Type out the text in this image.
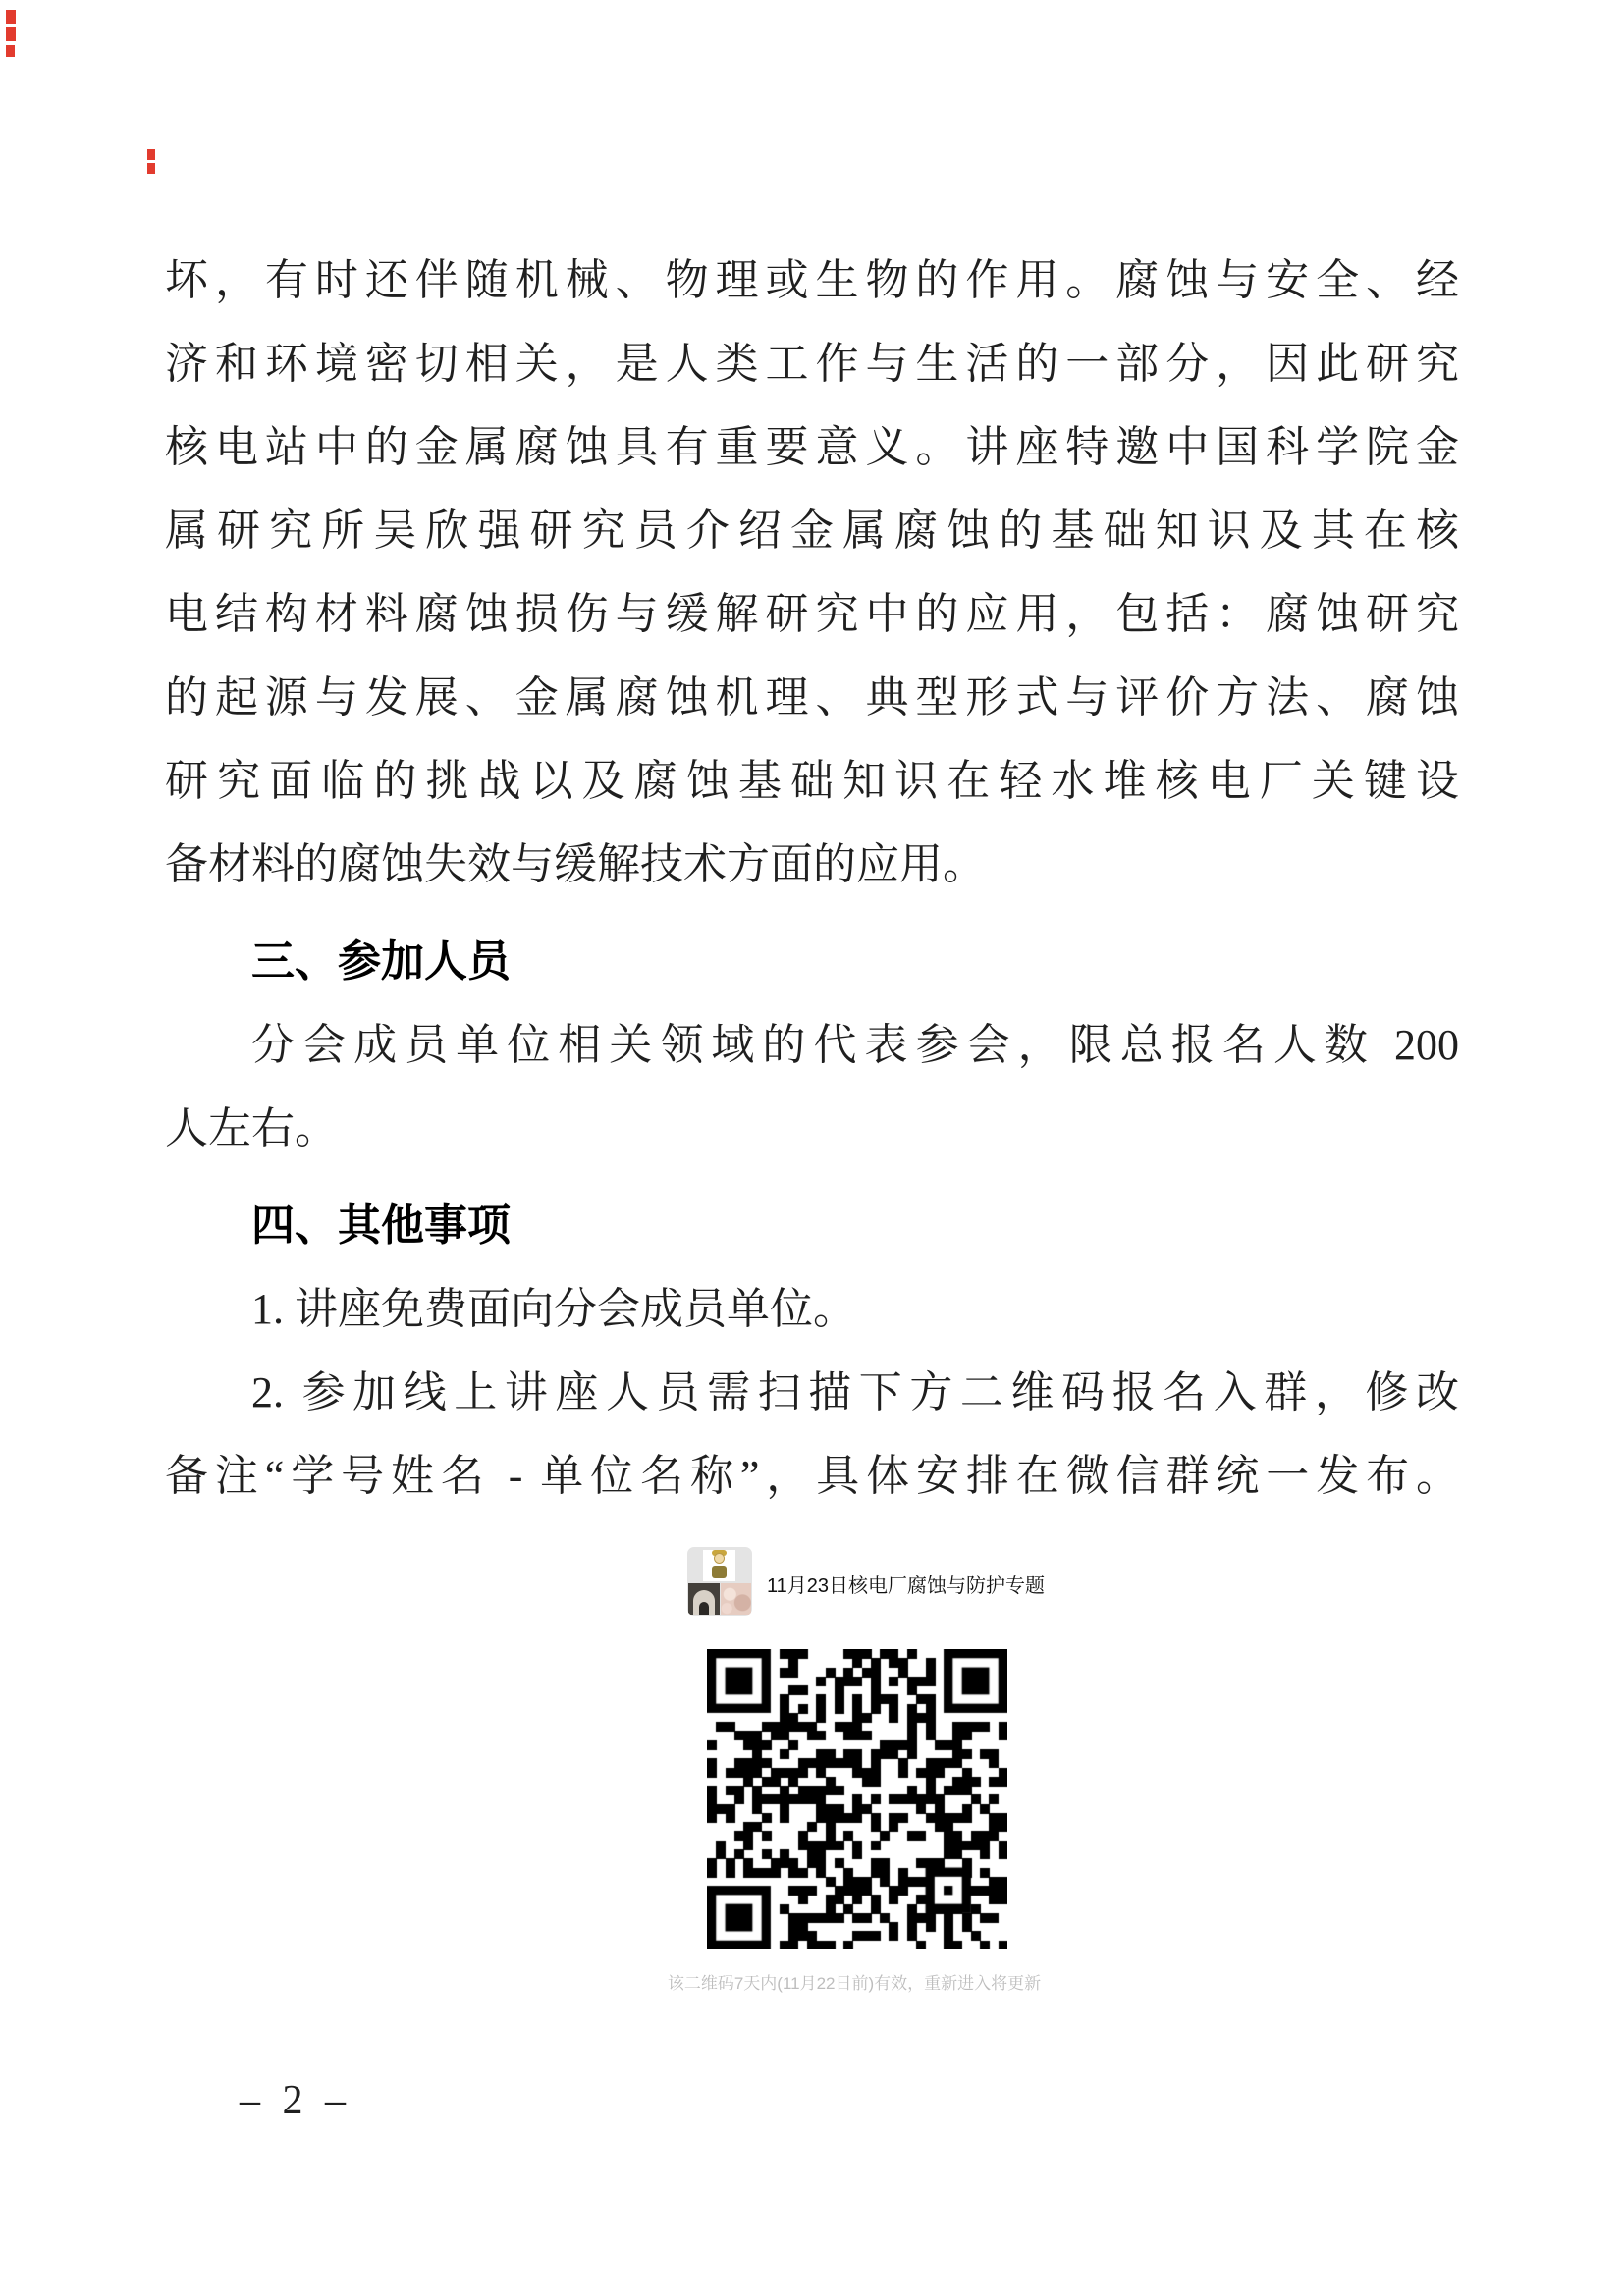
坏，有时还伴随机械、物理或生物的作用。腐蚀与安全、经
济和环境密切相关，是人类工作与生活的一部分，因此研究
核电站中的金属腐蚀具有重要意义。讲座特邀中国科学院金
属研究所吴欣强研究员介绍金属腐蚀的基础知识及其在核
电结构材料腐蚀损伤与缓解研究中的应用，包括：腐蚀研究
的起源与发展、金属腐蚀机理、典型形式与评价方法、腐蚀
研究面临的挑战以及腐蚀基础知识在轻水堆核电厂关键设
备材料的腐蚀失效与缓解技术方面的应用。
三、参加人员
分会成员单位相关领域的代表参会，限总报名人数 200
人左右。
四、其他事项
1. 讲座免费面向分会成员单位。
2. 参加线上讲座人员需扫描下方二维码报名入群，修改
备注“学号姓名 - 单位名称”，具体安排在微信群统一发布。
11月23日核电厂腐蚀与防护专题
该二维码7天内(11月22日前)有效，重新进入将更新
– 2 –
